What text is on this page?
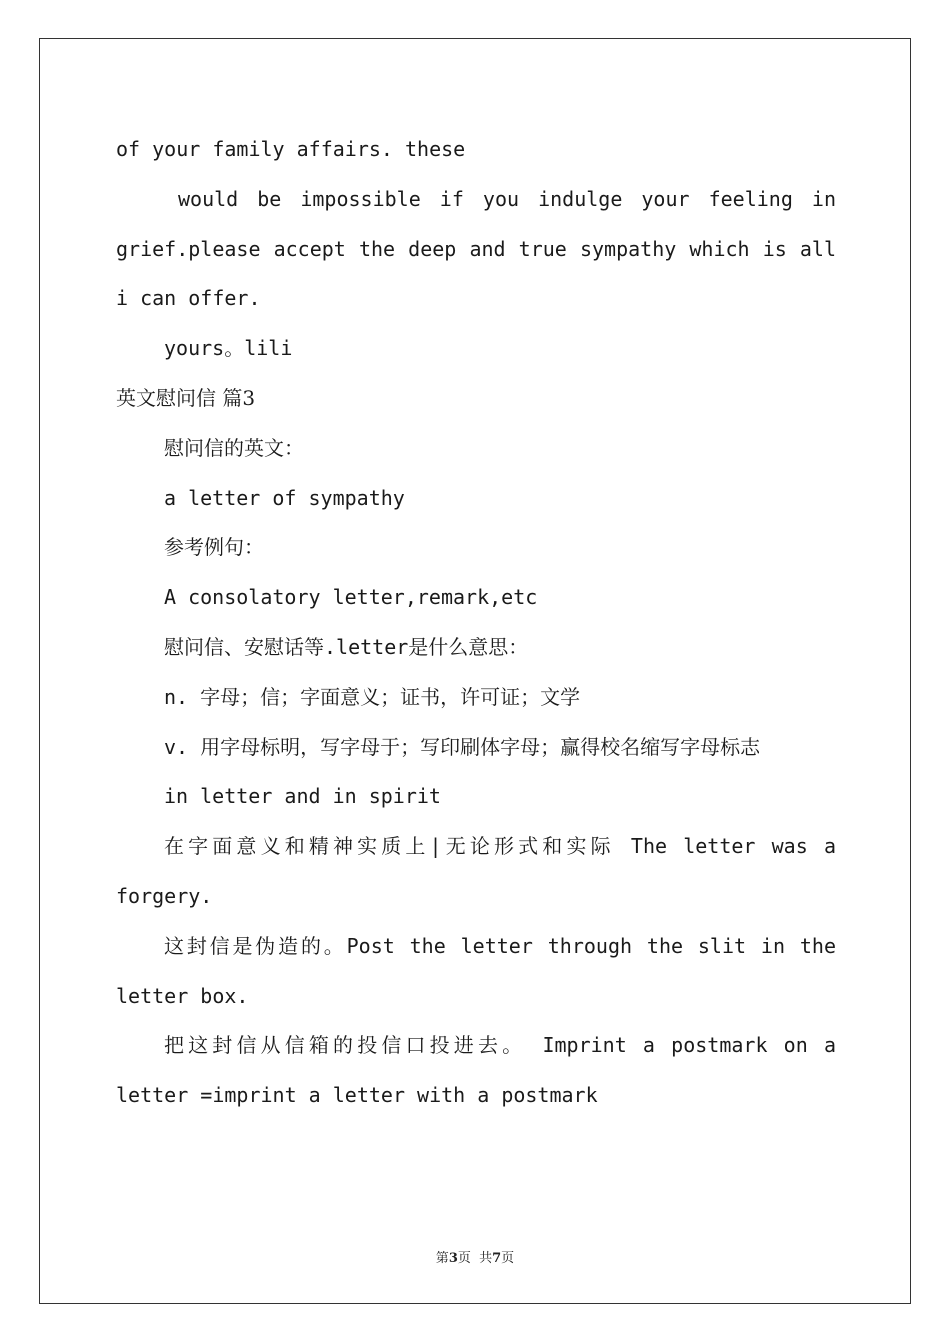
of your family affairs. these

would be impossible if you indulge your feeling in grief.please accept the deep and true sympathy which is all i can offer.

yours。lili

英文慰问信 篇3

慰问信的英文：

a letter of sympathy

参考例句：

A consolatory letter,remark,etc

慰问信、安慰话等.letter是什么意思：

n. 字母；信；字面意义；证书，许可证；文学

v. 用字母标明，写字母于；写印刷体字母；赢得校名缩写字母标志

in letter and in spirit

在字面意义和精神实质上|无论形式和实际 The letter was a forgery.

这封信是伪造的。Post the letter through the slit in the letter box.

把这封信从信箱的投信口投进去。 Imprint a postmark on a letter =imprint a letter with a postmark

第3页  共7页
